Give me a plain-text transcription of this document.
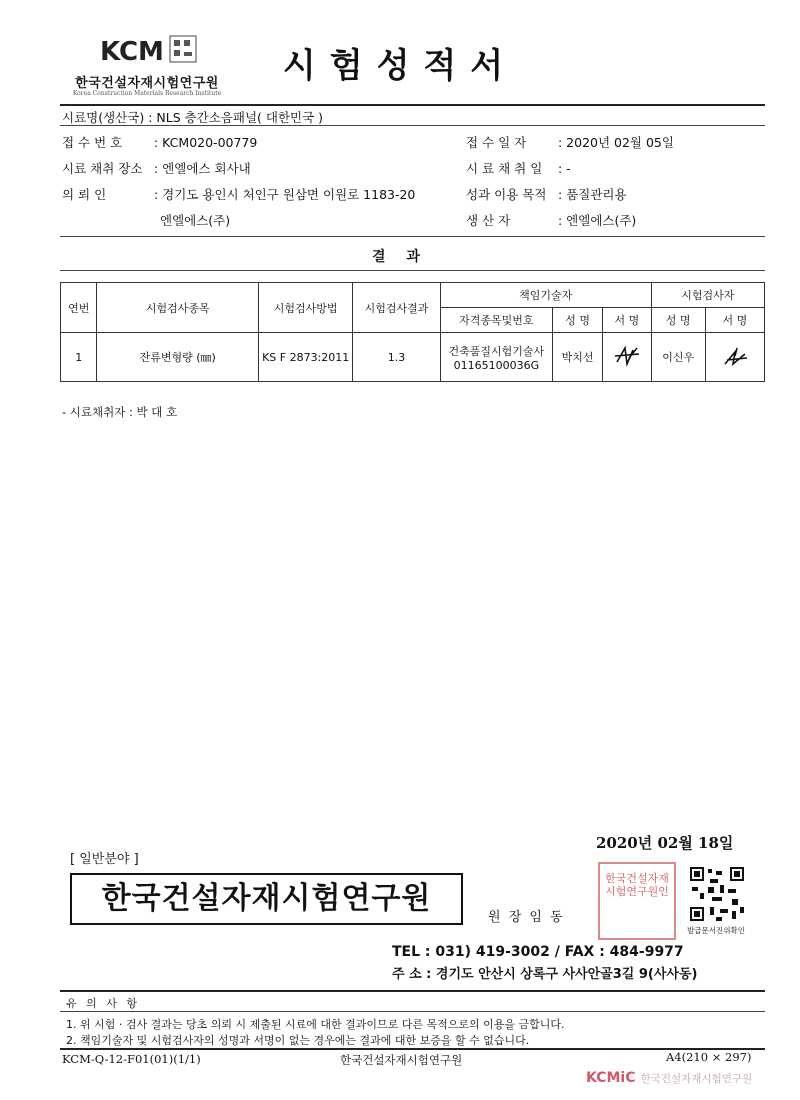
KCM
한국건설자재시험연구원
Korea Construction Materials Research Institute
시험성적서
시료명(생산국) : NLS 층간소음패널( 대한민국 )
접 수 번 호	: KCM020-00779	접 수 일 자	: 2020년 02월 05일
시료 채취 장소 : 엔엘에스 회사내	시 료 채 취 일 : -
의 뢰 인	: 경기도 용인시 처인구 원삼면 이원로 1183-20	성과 이용 목적 : 품질관리용
엔엘에스(주)	생 산 자	: 엔엘에스(주)
결 과
연번	시험검사종목	시험검사방법	시험검사결과	책임기술자			시험검사자	
				자격종목및번호	성 명	서 명	성 명	서 명
1	잔류변형량 (㎜)	KS F 2873:2011	1.3	건축품질시험기술사
01165100036G	박치선		이신우	
- 시료채취자 : 박 대 호
2020년 02월 18일
[ 일반분야 ]
한국건설자재시험연구원
원 장 임 동
한국건설자재시험연구원인
발급문서진위확인
TEL : 031) 419-3002 / FAX : 484-9977
주 소 : 경기도 안산시 상록구 사사안골3길 9(사사동)
유 의 사 항
1. 위 시험 · 검사 결과는 당초 의뢰 시 제출된 시료에 대한 결과이므로 다른 목적으로의 이용을 금합니다.
2. 책임기술자 및 시험검사자의 성명과 서명이 없는 경우에는 결과에 대한 보증을 할 수 없습니다.
KCM-Q-12-F01(01)(1/1)	한국건설자재시험연구원	A4(210 × 297)
KCMiC 한국건설자재시험연구원
